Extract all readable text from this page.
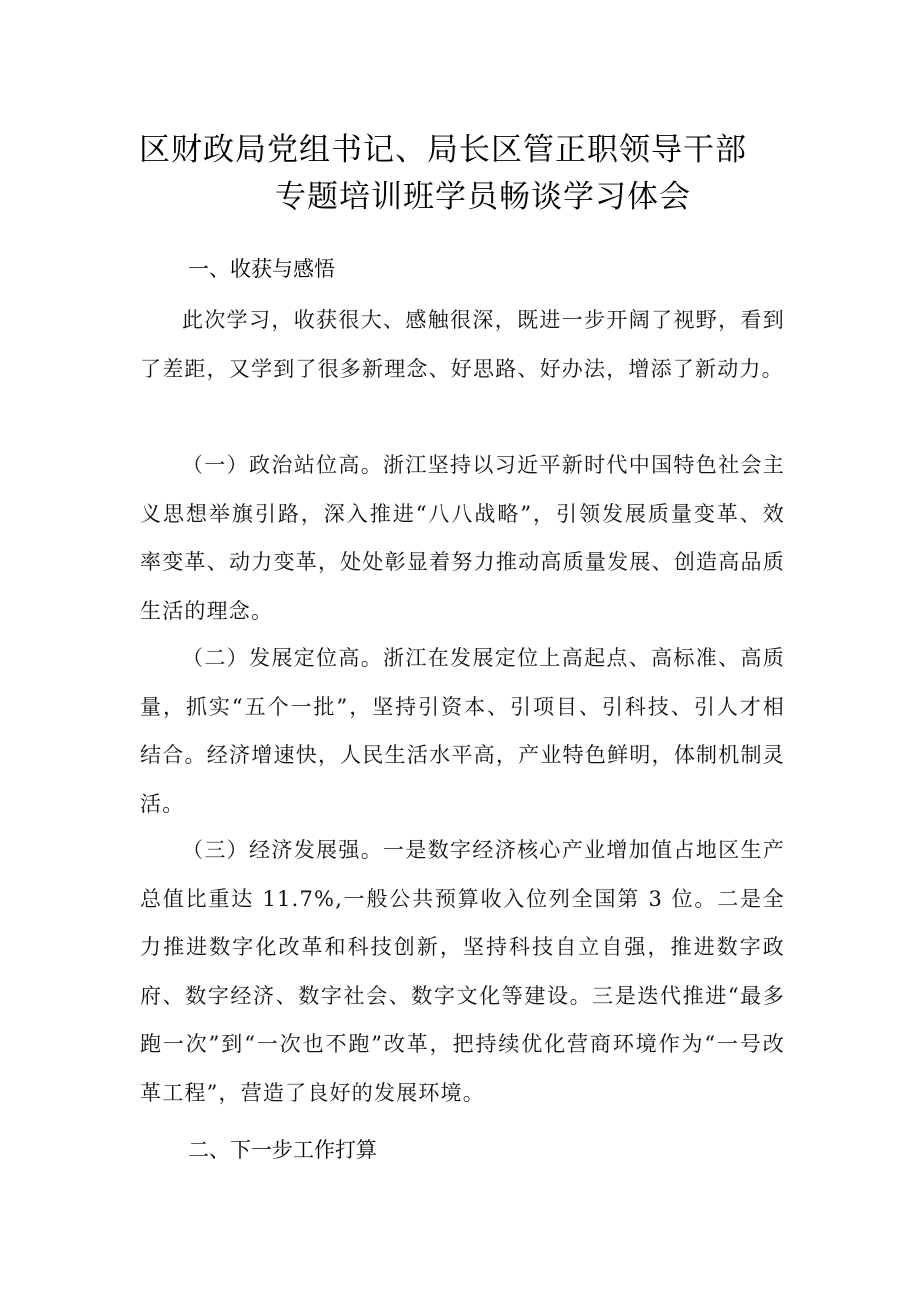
区财政局党组书记、局长区管正职领导干部
专题培训班学员畅谈学习体会
一、收获与感悟
此次学习，收获很大、感触很深，既进一步开阔了视野，看到了差距，又学到了很多新理念、好思路、好办法，增添了新动力。
（一）政治站位高。浙江坚持以习近平新时代中国特色社会主义思想举旗引路，深入推进“八八战略”，引领发展质量变革、效率变革、动力变革，处处彰显着努力推动高质量发展、创造高品质生活的理念。
（二）发展定位高。浙江在发展定位上高起点、高标准、高质量，抓实“五个一批”，坚持引资本、引项目、引科技、引人才相结合。经济增速快，人民生活水平高，产业特色鲜明，体制机制灵活。
（三）经济发展强。一是数字经济核心产业增加值占地区生产总值比重达 11.7%,一般公共预算收入位列全国第 3 位。二是全力推进数字化改革和科技创新，坚持科技自立自强，推进数字政府、数字经济、数字社会、数字文化等建设。三是迭代推进“最多跑一次”到“一次也不跑”改革，把持续优化营商环境作为“一号改革工程”，营造了良好的发展环境。
二、下一步工作打算
